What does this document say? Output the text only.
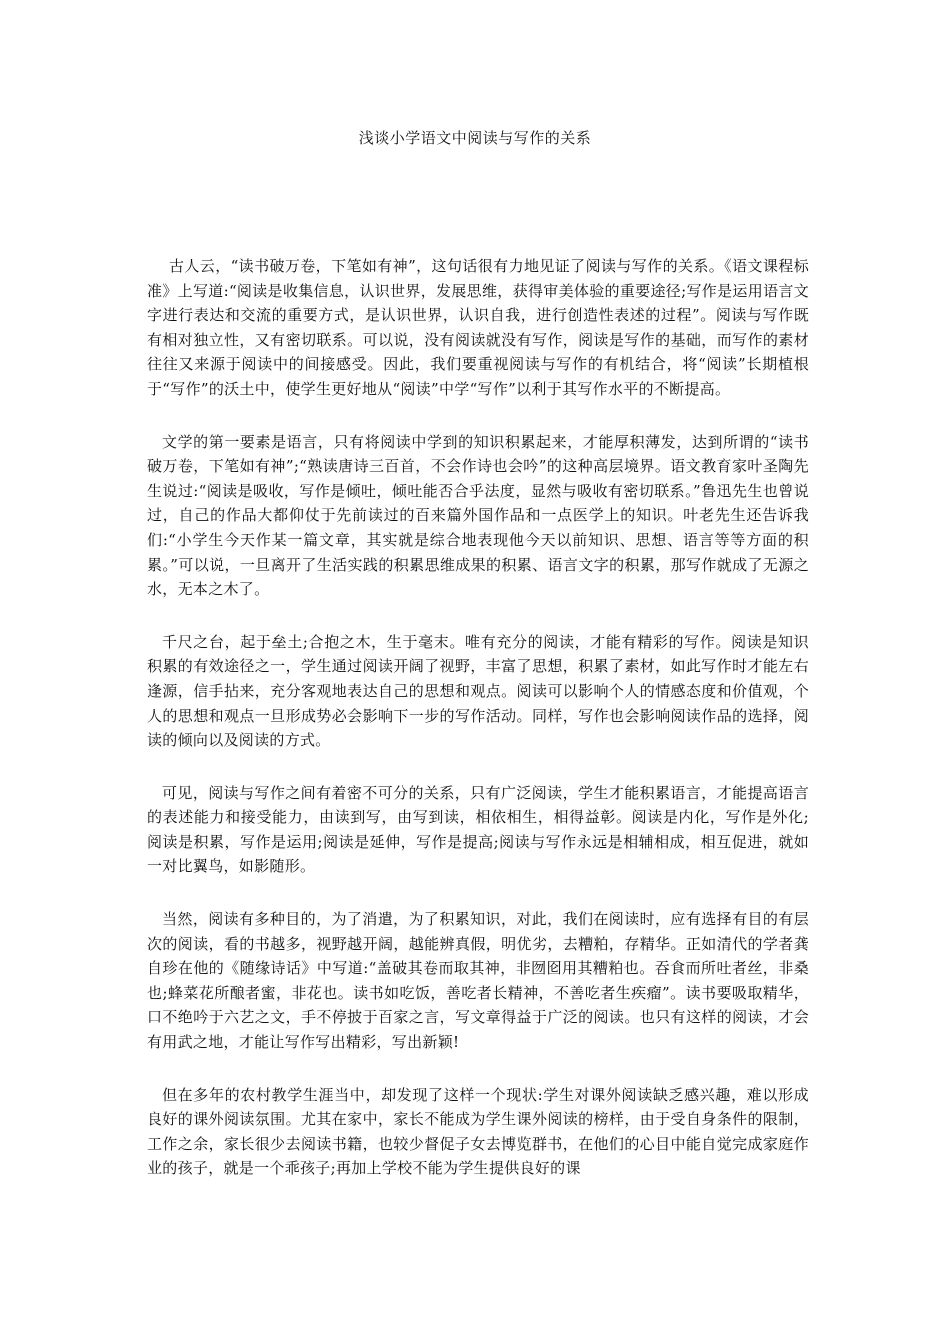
浅谈小学语文中阅读与写作的关系

古人云，“读书破万卷，下笔如有神”，这句话很有力地见证了阅读与写作的关系。《语文课程标准》上写道:“阅读是收集信息，认识世界，发展思维，获得审美体验的重要途径;写作是运用语言文字进行表达和交流的重要方式，是认识世界，认识自我，进行创造性表述的过程”。阅读与写作既有相对独立性，又有密切联系。可以说，没有阅读就没有写作，阅读是写作的基础，而写作的素材往往又来源于阅读中的间接感受。因此，我们要重视阅读与写作的有机结合，将“阅读”长期植根于“写作”的沃土中，使学生更好地从“阅读”中学“写作”以利于其写作水平的不断提高。

文学的第一要素是语言，只有将阅读中学到的知识积累起来，才能厚积薄发，达到所谓的“读书破万卷，下笔如有神”;“熟读唐诗三百首，不会作诗也会吟”的这种高层境界。语文教育家叶圣陶先生说过:“阅读是吸收，写作是倾吐，倾吐能否合乎法度，显然与吸收有密切联系。”鲁迅先生也曾说过，自己的作品大都仰仗于先前读过的百来篇外国作品和一点医学上的知识。叶老先生还告诉我们:“小学生今天作某一篇文章，其实就是综合地表现他今天以前知识、思想、语言等等方面的积累。”可以说，一旦离开了生活实践的积累思维成果的积累、语言文字的积累，那写作就成了无源之水，无本之木了。

千尺之台，起于垒土;合抱之木，生于毫末。唯有充分的阅读，才能有精彩的写作。阅读是知识积累的有效途径之一，学生通过阅读开阔了视野，丰富了思想，积累了素材，如此写作时才能左右逢源，信手拈来，充分客观地表达自己的思想和观点。阅读可以影响个人的情感态度和价值观，个人的思想和观点一旦形成势必会影响下一步的写作活动。同样，写作也会影响阅读作品的选择，阅读的倾向以及阅读的方式。

可见，阅读与写作之间有着密不可分的关系，只有广泛阅读，学生才能积累语言，才能提高语言的表述能力和接受能力，由读到写，由写到读，相依相生，相得益彰。阅读是内化，写作是外化;阅读是积累，写作是运用;阅读是延伸，写作是提高;阅读与写作永远是相辅相成，相互促进，就如一对比翼鸟，如影随形。

当然，阅读有多种目的，为了消遣，为了积累知识，对此，我们在阅读时，应有选择有目的有层次的阅读，看的书越多，视野越开阔，越能辨真假，明优劣，去糟粕，存精华。正如清代的学者龚自珍在他的《随缘诗话》中写道:“盖破其卷而取其神，非囫囵用其糟粕也。吞食而所吐者丝，非桑也;蜂菜花所酿者蜜，非花也。读书如吃饭，善吃者长精神，不善吃者生疾瘤”。读书要吸取精华，口不绝吟于六艺之文，手不停披于百家之言，写文章得益于广泛的阅读。也只有这样的阅读，才会有用武之地，才能让写作写出精彩，写出新颖!

但在多年的农村教学生涯当中，却发现了这样一个现状:学生对课外阅读缺乏感兴趣，难以形成良好的课外阅读氛围。尤其在家中，家长不能成为学生课外阅读的榜样，由于受自身条件的限制，工作之余，家长很少去阅读书籍，也较少督促子女去博览群书，在他们的心目中能自觉完成家庭作业的孩子，就是一个乖孩子;再加上学校不能为学生提供良好的课
